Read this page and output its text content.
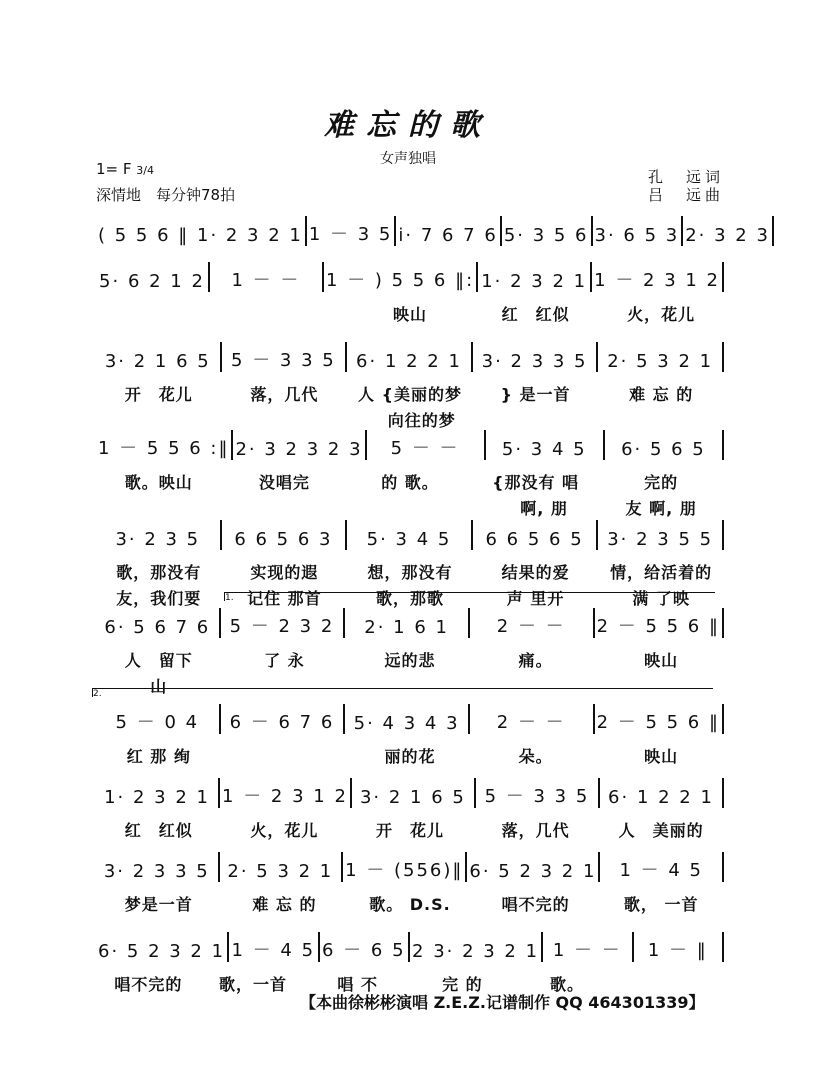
难忘的歌
女声独唱
1= F 3/4
深情地　每分钟78拍
孔　远词
吕　远曲
( 5 5 6 ‖ 1· 2 3 2 1 1 － 3 5 i· 7 6 7 6 5· 3 5 6 3· 6 5 3 2· 3 2 3
5· 6 2 1 2	1 － －	1 － ) 5 5 6 ‖: 1· 2 3 2 1 1 － 2 3 1 2
映山	红　红似	火，花儿
3· 2 1 6 5	5 － 3 3 5	6· 1 2 2 1	3· 2 3 3 5	2· 5 3 2 1
开　花儿	落，几代	人 {美丽的梦	} 是一首	难 忘 的
　 向往的梦
1 － 5 5 6 :‖ 2· 3 2 3 2 3	5 － －	5· 3 4 5	6· 5 6 5
歌。映山	没唱完	的 歌。	{那没有 唱	完的
　啊, 朋	友 啊, 朋
3· 2 3 5	6 6 5 6 3	5· 3 4 5	6 6 5 6 5	3· 2 3 5 5
歌，那没有	实现的遐	想，那没有	结果的爱	情，给活着的
友，我们要	记住 那首	歌，那歌	声 里开	满 了映
6· 5 6 7 6	5 － 2 3 2	2· 1 6 1	2 － －	2 － 5 5 6 ‖
人　留下	了 永	远的悲	痛。	映山
山
1.
5 － 0 4	6 － 6 7 6	5· 4 3 4 3	2 － －	2 － 5 5 6 ‖
红 那 绚	丽的花	朵。	映山
2.
1· 2 3 2 1 1 － 2 3 1 2 3· 2 1 6 5	5 － 3 3 5	6· 1 2 2 1
红　红似	火，花儿	开　花儿	落，几代	人　美丽的
3· 2 3 3 5 2· 5 3 2 1 1 － (556)‖ 6· 5 2 3 2 1	1 － 4 5
梦是一首	难 忘 的	歌。 D.S.	唱不完的	歌， 一首
6· 5 2 3 2 1 1 － 4 5 6 － 6 5 2 3· 2 3 2 1 1 － －	1 － ‖
唱不完的	歌，一首	唱 不	完 的	歌。
【本曲徐彬彬演唱 Z.E.Z.记谱制作 QQ 464301339】
